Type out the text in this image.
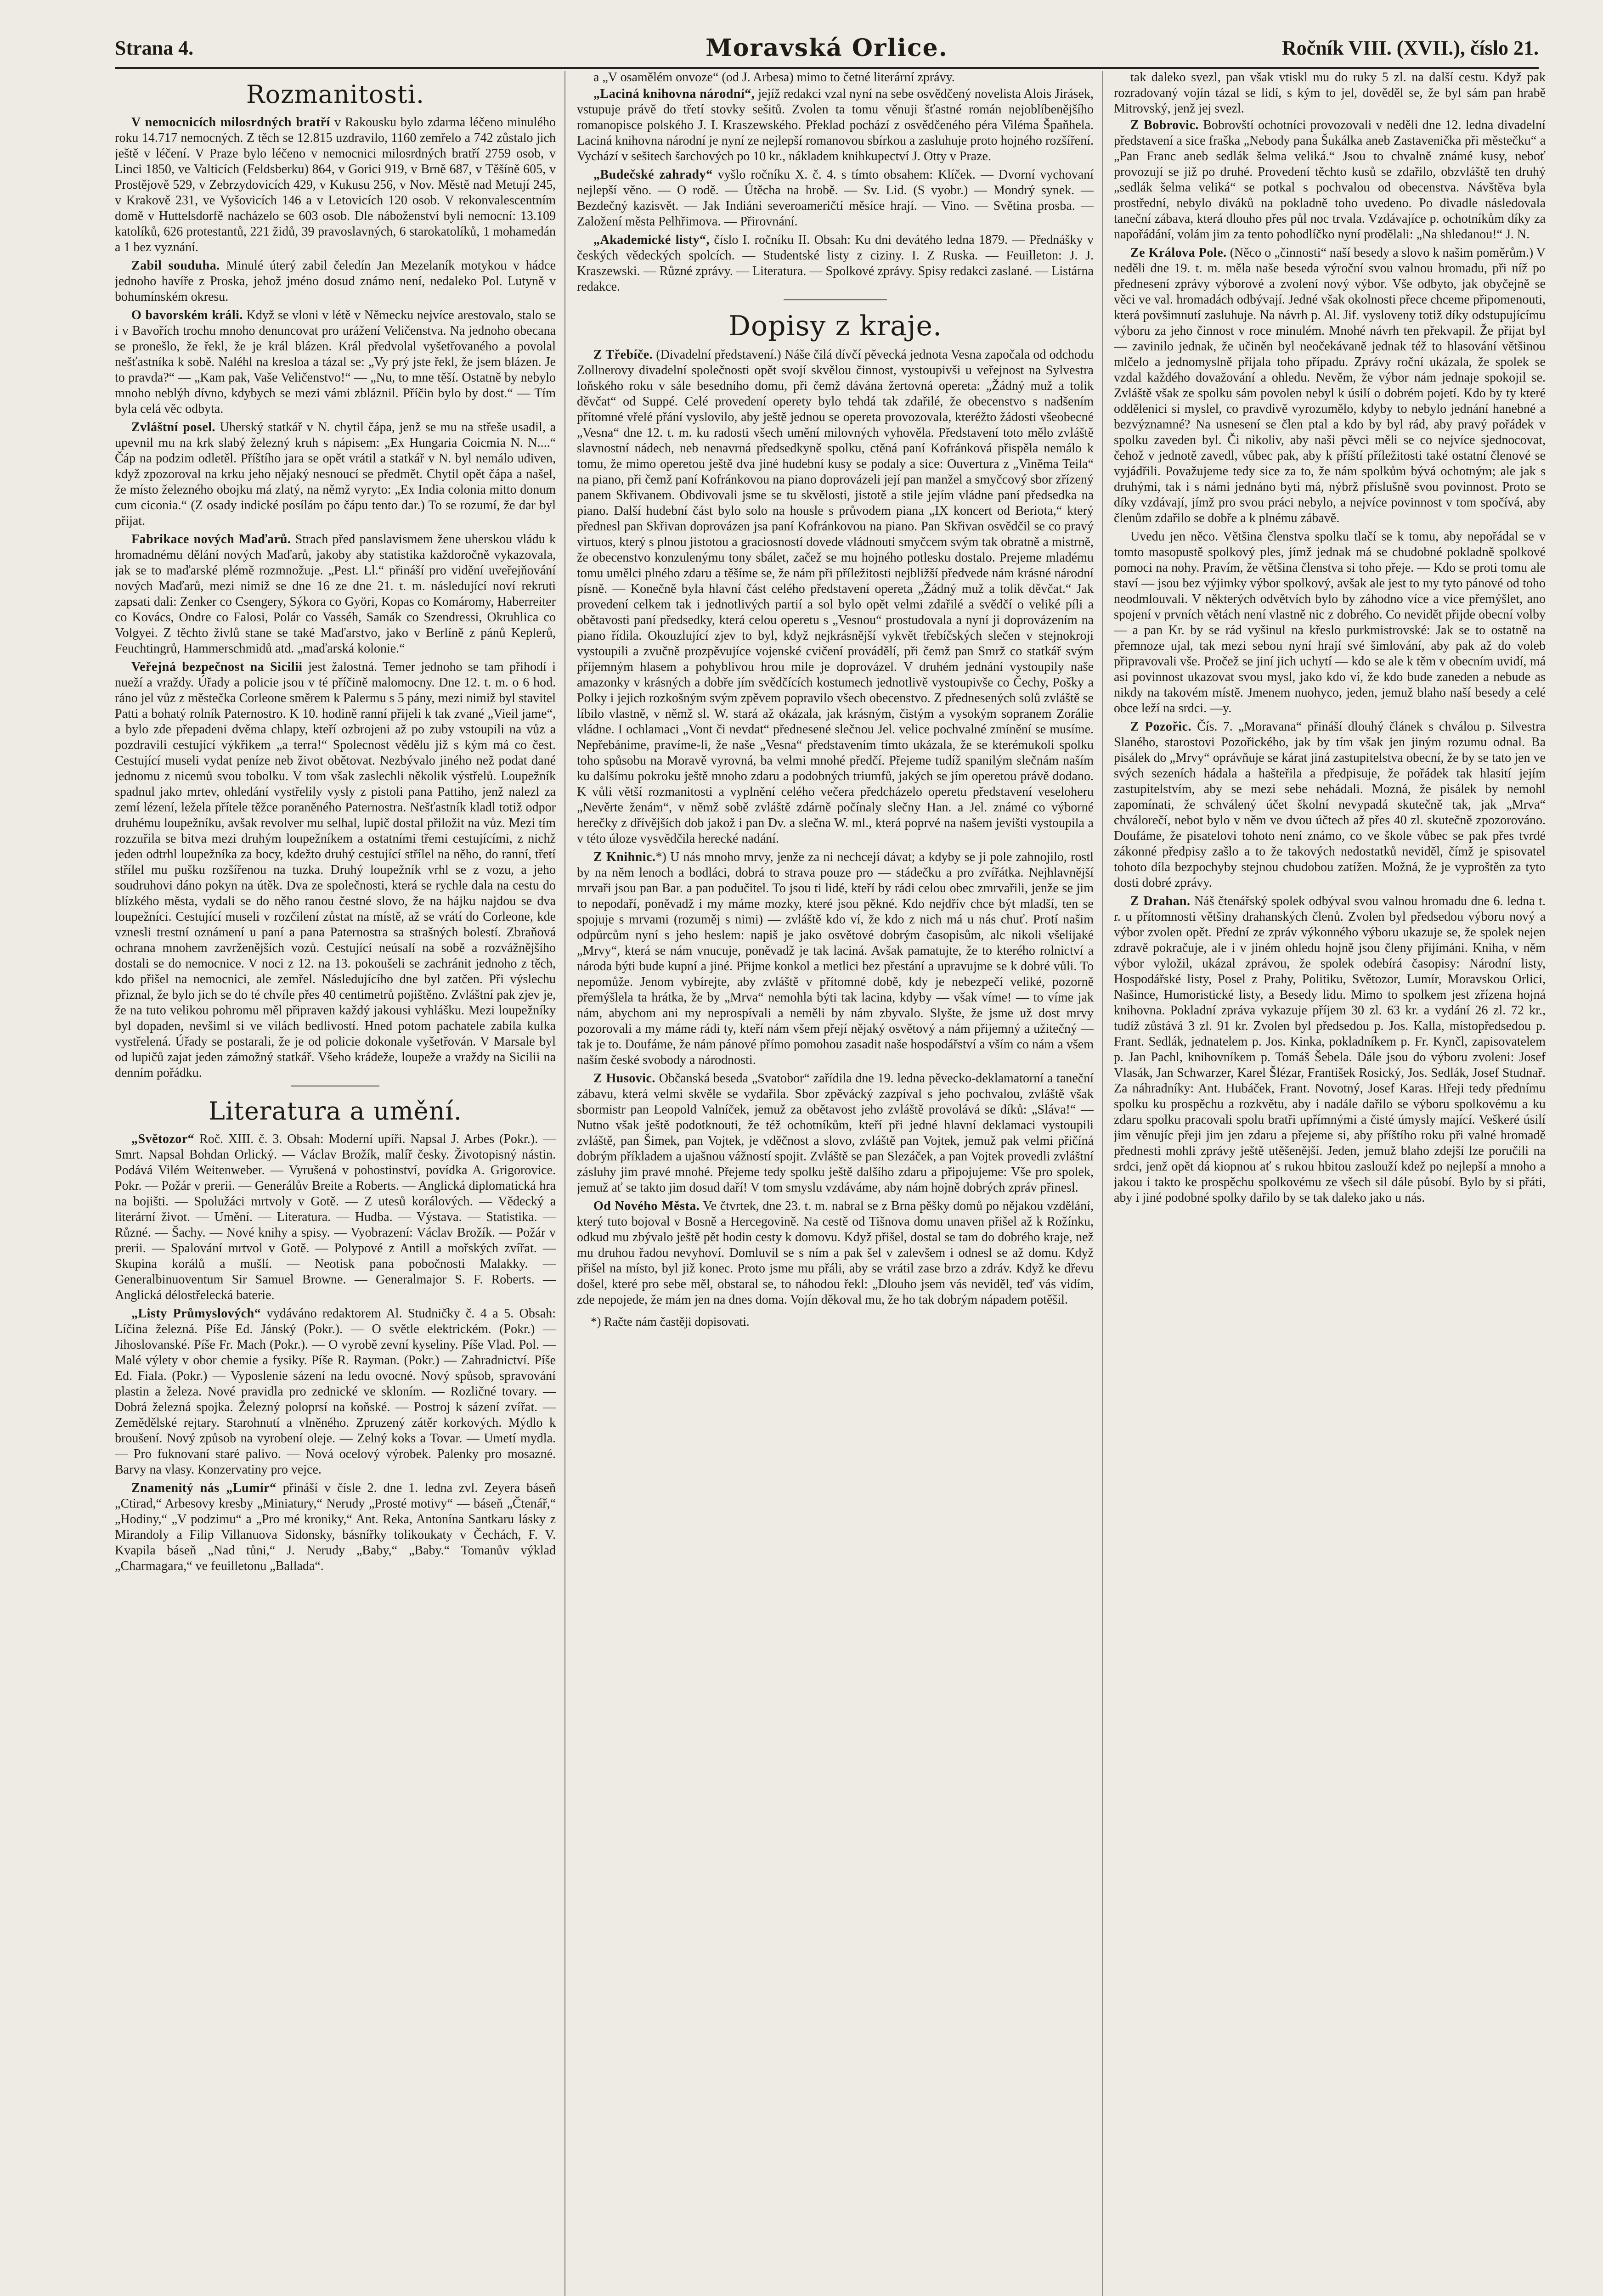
Strana 4.	Moravská Orlice.	Ročník VIII. (XVII.), číslo 21.
Rozmanitosti.

V nemocnicích milosrdných bratří v Rakousku bylo zdarma léčeno minulého roku 14.717 nemocných. Z těch se 12.815 uzdravilo, 1160 zemřelo a 742 zůstalo jich ještě v léčení. V Praze bylo léčeno v nemocnici milosrdných bratří 2759 osob, v Linci 1850, ve Valticích (Feldsberku) 864, v Gorici 919, v Brně 687, v Těšíně 605, v Prostějově 529, v Zebrzydovicích 429, v Kukusu 256, v Nov. Městě nad Metují 245, v Krakově 231, ve Vyšovicích 146 a v Letovicích 120 osob. V rekonvalescentním domě v Huttelsdorfě nacházelo se 603 osob. Dle náboženství byli nemocní: 13.109 katolíků, 626 protestantů, 221 židů, 39 pravoslavných, 6 starokatolíků, 1 mohamedán a 1 bez vyznání.

Zabil souduha. Minulé úterý zabil čeledín Jan Mezelaník motykou v hádce jednoho havíře z Proska, jehož jméno dosud známo není, nedaleko Pol. Lutyně v bohumínském okresu.

O bavorském králi. Když se vloni v létě v Německu nejvíce arestovalo, stalo se i v Bavořích trochu mnoho denuncovat pro urážení Veličenstva. Na jednoho obecana se pronešlo, že řekl, že je král blázen. Král předvolal vyšetřovaného a povolal nešťastníka k sobě. Naléhl na kresloa a tázal se: „Vy prý jste řekl, že jsem blázen. Je to pravda?“ — „Kam pak, Vaše Veličenstvo!“ — „Nu, to mne těší. Ostatně by nebylo mnoho neblýh dívno, kdybych se mezi vámi zbláznil. Příčin bylo by dost.“ — Tím byla celá věc odbyta.

Zvláštní posel. Uherský statkář v N. chytil čápa, jenž se mu na střeše usadil, a upevnil mu na krk slabý železný kruh s nápisem: „Ex Hungaria Coicmia N. N....“ Čáp na podzim odletěl. Příštího jara se opět vrátil a statkář v N. byl nemálo udiven, když zpozoroval na krku jeho nějaký nesnoucí se předmět. Chytil opět čápa a našel, že místo železného obojku má zlatý, na němž vyryto: „Ex India colonia mitto donum cum ciconia.“ (Z osady indické posílám po čápu tento dar.) To se rozumí, že dar byl přijat.

Fabrikace nových Maďarů. Strach před panslavismem žene uherskou vládu k hromadnému dělání nových Maďarů, jakoby aby statistika každoročně vykazovala, jak se to maďarské plémě rozmnožuje. „Pest. Ll.“ přináší pro vidění uveřejňování nových Maďarů, mezi nimiž se dne 16 ze dne 21. t. m. následující noví rekruti zapsati dali: Zenker co Csengery, Sýkora co Györi, Kopas co Komáromy, Haberreiter co Kovács, Ondre co Falosi, Polár co Vasséh, Samák co Szendressi, Okruhlica co Volgyei. Z těchto živlů stane se také Maďarstvo, jako v Berlíně z pánů Keplerů, Feuchtingrů, Hammerschmidů atd. „maďarská kolonie.“

Veřejná bezpečnost na Sicilii jest žalostná. Temer jednoho se tam přihodí i nueží a vraždy. Úřady a policie jsou v té příčině malomocny. Dne 12. t. m. o 6 hod. ráno jel vůz z městečka Corleone směrem k Palermu s 5 pány, mezi nimiž byl stavitel Patti a bohatý rolník Paternostro. K 10. hodině ranní přijeli k tak zvané „Vieil jame“, a bylo zde přepadeni dvěma chlapy, kteří ozbrojeni až po zuby vstoupili na vůz a pozdravili cestující výkřikem „a terra!“ Spolecnost vědělu již s kým má co čest. Cestující museli vydat peníze neb život obětovat. Nezbývalo jiného než podat dané jednomu z nicemů svou tobolku. V tom však zaslechli několik výstřelů. Loupežník spadnul jako mrtev, ohledání vystřelily vysly z pistoli pana Pattiho, jenž nalezl za zemí lézení, ležela přítele těžce poraněného Paternostra. Nešťastník kladl totiž odpor druhému loupežníku, avšak revolver mu selhal, lupič dostal přiložit na vůz. Mezi tím rozzuřila se bitva mezi druhým loupežníkem a ostatními třemi cestujícími, z nichž jeden odtrhl loupežníka za bocy, kdežto druhý cestující střílel na něho, do ranní, třetí střílel mu pušku rozšířenou na tuzka. Druhý loupežník vrhl se z vozu, a jeho soudruhovi dáno pokyn na útěk. Dva ze společnosti, která se rychle dala na cestu do blízkého města, vydali se do něho ranou čestné slovo, že na hájku najdou se dva loupežníci. Cestující museli v rozčilení zůstat na místě, až se vrátí do Corleone, kde vznesli trestní oznámení u paní a pana Paternostra sa strašných bolestí. Zbraňová ochrana mnohem zavrženějších vozů. Cestující neúsalí na sobě a rozvážnějšího dostali se do nemocnice. V noci z 12. na 13. pokoušeli se zachránit jednoho z těch, kdo přišel na nemocnici, ale zemřel. Následujícího dne byl zatčen. Při výslechu přiznal, že bylo jich se do té chvíle přes 40 centimetrů pojištěno. Zvláštní pak zjev je, že na tuto velikou pohromu měl připraven každý jakousi vyhlášku. Mezi loupežníky byl dopaden, nevšiml si ve vilách bedlivostí. Hned potom pachatele zabila kulka vystřelená. Úřady se postarali, že je od policie dokonale vyšetřován. V Marsale byl od lupičů zajat jeden zámožný statkář. Všeho krádeže, loupeže a vraždy na Sicilii na denním pořádku.

Literatura a umění.

„Světozor“ Roč. XIII. č. 3. Obsah: Moderní upíři. Napsal J. Arbes (Pokr.). — Smrt. Napsal Bohdan Orlický. — Václav Brožík, malíř česky. Životopisný nástin. Podává Vilém Weitenweber. — Vyrušená v pohostinství, povídka A. Grigorovice. Pokr. — Požár v prerii. — Generálův Breite a Roberts. — Anglická diplomatická hra na bojišti. — Spolužáci mrtvoly v Gotě. — Z utesů korálových. — Vědecký a literární život. — Umění. — Literatura. — Hudba. — Výstava. — Statistika. — Různé. — Šachy. — Nové knihy a spisy. — Vyobrazení: Václav Brožík. — Požár v prerii. — Spalování mrtvol v Gotě. — Polypové z Antill a mořských zvířat. — Skupina korálů a mušlí. — Neotisk pana pobočnosti Malakky. — Generalbinuoventum Sir Samuel Browne. — Generalmajor S. F. Roberts. — Anglická délostřelecká baterie.

„Listy Průmyslových“ vydáváno redaktorem Al. Studničky č. 4 a 5. Obsah: Líčina železná. Píše Ed. Jánský (Pokr.). — O světle elektrickém. (Pokr.) — Jihoslovanské. Píše Fr. Mach (Pokr.). — O vyrobě zevní kyseliny. Píše Vlad. Pol. — Malé výlety v obor chemie a fysiky. Píše R. Rayman. (Pokr.) — Zahradnictví. Píše Ed. Fiala. (Pokr.) — Vyposlenie sázení na ledu ovocné. Nový spůsob, spravování plastin a železa. Nové pravidla pro zednické ve skloním. — Rozličné tovary. — Dobrá železná spojka. Železný poloprsí na koňské. — Postroj k sázení zvířat. — Zemědělské rejtary. Starohnutí a vlněného. Zpruzený zátěr korkových. Mýdlo k broušení. Nový způsob na vyrobení oleje. — Zelný koks a Tovar. — Umetí mydla. — Pro fuknovaní staré palivo. — Nová ocelový výrobek. Palenky pro mosazné. Barvy na vlasy. Konzervatiny pro vejce.

Znamenitý nás „Lumír“ přináší v čísle 2. dne 1. ledna zvl. Zeyera báseň „Ctirad,“ Arbesovy kresby „Miniatury,“ Nerudy „Prosté motivy“ — báseň „Čtenář,“ „Hodiny,“ „V podzimu“ a „Pro mé kroniky,“ Ant. Reka, Antonína Santkaru lásky z Mirandoly a Filip Villanuova Sidonsky, básnířky tolikoukaty v Čechách, F. V. Kvapila báseň „Nad tůni,“ J. Nerudy „Baby,“ „Baby.“ Tomanův výklad „Charmagara,“ ve feuilletonu „Ballada“.

a „V osamělém onvoze“ (od J. Arbesa) mimo to četné literární zprávy.

„Laciná knihovna národní“, jejíž redakci vzal nyní na sebe osvědčený novelista Alois Jirásek, vstupuje právě do třetí stovky sešitů. Zvolen ta tomu věnuji šťastné román nejoblíbenějšího romanopisce polského J. I. Kraszewského. Překlad pochází z osvědčeného péra Viléma Špaňhela. Laciná knihovna národní je nyní ze nejlepší romanovou sbírkou a zasluhuje proto hojného rozšíření. Vychází v sešitech šarchových po 10 kr., nákladem knihkupectví J. Otty v Praze.

„Budečské zahrady“ vyšlo ročníku X. č. 4. s tímto obsahem: Klíček. — Dvorní vychovaní nejlepší věno. — O rodě. — Útěcha na hrobě. — Sv. Lid. (S vyobr.) — Mondrý synek. — Bezdečný kazisvět. — Jak Indiáni severoameričtí měsíce hrají. — Vino. — Světina prosba. — Založení města Pelhřimova. — Přirovnání.

„Akademické listy“, číslo I. ročníku II. Obsah: Ku dni devátého ledna 1879. — Přednášky v českých vědeckých spolcích. — Studentské listy z ciziny. I. Z Ruska. — Feuilleton: J. J. Kraszewski. — Různé zprávy. — Literatura. — Spolkové zprávy. Spisy redakci zaslané. — Listárna redakce.

Dopisy z kraje.

Z Třebíče. (Divadelní představení.) Náše čilá dívčí pěvecká jednota Vesna započala od odchodu Zollnerovy divadelní společnosti opět svojí skvělou činnost, vystoupivši u veřejnost na Sylvestra loňského roku v sále besedního domu, při čemž dávána žertovná opereta: „Žádný muž a tolik děvčat“ od Suppé. Celé provedení operety bylo tehdá tak zdařilé, že obecenstvo s nadšením přítomné vřelé přání vyslovilo, aby ještě jednou se opereta provozovala, kteréžto žádosti všeobecné „Vesna“ dne 12. t. m. ku radosti všech umění milovných vyhověla. Představení toto mělo zvláště slavnostní nádech, neb nenavrná předsedkyně spolku, ctěná paní Kofránková přispěla nemálo k tomu, že mimo operetou ještě dva jiné hudební kusy se podaly a sice: Ouvertura z „Viněma Teila“ na piano, při čemž paní Kofránkovou na piano doprovázeli její pan manžel a smyčcový sbor zřízený panem Skřivanem. Obdivovali jsme se tu skvělosti, jistotě a stile jejím vládne paní předsedka na piano. Další hudební část bylo solo na housle s průvodem piana „IX koncert od Beriota,“ který přednesl pan Skřivan doprovázen jsa paní Kofránkovou na piano. Pan Skřivan osvědčil se co pravý virtuos, který s plnou jistotou a graciosností dovede vládnouti smyčcem svým tak obratně a mistrně, že obecenstvo konzulenýmu tony sbálet, začež se mu hojného potlesku dostalo. Prejeme mladému tomu umělci plného zdaru a těšíme se, že nám při příležitosti nejbližší předvede nám krásné národní písně. — Konečně byla hlavní část celého představení opereta „Žádný muž a tolik děvčat.“ Jak provedení celkem tak i jednotlivých partií a sol bylo opět velmi zdařilé a svědčí o veliké píli a obětavosti paní předsedky, která celou operetu s „Vesnou“ prostudovala a nyní ji doprovázením na piano řídila. Okouzlující zjev to byl, když nejkrásnější vykvět třebíčských slečen v stejnokroji vystoupili a zvučně prozpěvujíce vojenské cvičení provádělí, při čemž pan Smrž co statkář svým příjemným hlasem a pohyblivou hrou mile je doprovázel. V druhém jednání vystoupily naše amazonky v krásných a dobře jím svědčících kostumech jednotlivě vystoupivše co Čechy, Pošky a Polky i jejich rozkošným svým zpěvem popravilo všech obecenstvo. Z přednesených solů zvláště se líbilo vlastně, v němž sl. W. stará až okázala, jak krásným, čistým a vysokým sopranem Zorálie vládne. I ochlamaci „Vont či nevdat“ přednesené slečnou Jel. velice pochvalné zmínění se musíme. Nepřebánime, pravíme-li, že naše „Vesna“ představením tímto ukázala, že se kterémukoli spolku toho spůsobu na Moravě vyrovná, ba velmi mnohé předčí. Přejeme tudíž spanilým slečnám naším ku dalšímu pokroku ještě mnoho zdaru a podobných triumfů, jakých se jím operetou právě dodano. K vůli větší rozmanitosti a vyplnění celého večera předcházelo operetu představení veseloheru „Nevěrte ženám“, v němž sobě zvláště zdárně počínaly slečny Han. a Jel. známé co výborné herečky z dřívějších dob jakož i pan Dv. a slečna W. ml., která poprvé na našem jevišti vystoupila a v této úloze vysvědčila herecké nadání.

Z Knihnic.*) U nás mnoho mrvy, jenže za ni nechcejí dávat; a kdyby se ji pole zahnojilo, rostl by na něm lenoch a bodláci, dobrá to strava pouze pro — stádečku a pro zvířátka. Nejhlavnější mrvaři jsou pan Bar. a pan podučitel. To jsou ti lidé, kteří by rádi celou obec zmrvařili, jenže se jim to nepodaří, poněvadž i my máme mozky, které jsou pěkné. Kdo nejdřív chce být mladší, ten se spojuje s mrvami (rozuměj s nimi) — zvláště kdo ví, že kdo z nich má u nás chuť. Protí našim odpůrcům nyní s jeho heslem: napiš je jako osvětové dobrým časopisům, alc nikoli všelijaké „Mrvy“, která se nám vnucuje, poněvadž je tak laciná. Avšak pamatujte, že to kterého rolnictví a národa býti bude kupní a jiné. Přijme konkol a metlici bez přestání a upravujme se k dobré vůli. To nepomůže. Jenom vybírejte, aby zvláště v přítomné době, kdy je nebezpečí veliké, pozorně přemýšlela ta hrátka, že by „Mrva“ nemohla býti tak lacina, kdyby — však víme! — to víme jak nám, abychom ani my neprospívali a neměli by nám zbyvalo. Slyšte, že jsme už dost mrvy pozorovali a my máme rádi ty, kteří nám všem přejí nějaký osvětový a nám přijemný a užitečný — tak je to. Doufáme, že nám pánové přímo pomohou zasadit naše hospodářství a vším co nám a všem naším české svobody a národnosti.

Z Husovic. Občanská beseda „Svatobor“ zařídila dne 19. ledna pěvecko-deklamatorní a taneční zábavu, která velmi skvěle se vydařila. Sbor zpěvácký zazpíval s jeho pochvalou, zvláště však sbormistr pan Leopold Valníček, jemuž za obětavost jeho zvláště provolává se díků: „Sláva!“ — Nutno však ještě podotknouti, že též ochotníkům, kteří při jedné hlavní deklamaci vystoupili zvláště, pan Šimek, pan Vojtek, je vděčnost a slovo, zvláště pan Vojtek, jemuž pak velmi přičíná dobrým příkladem a ujašnou vážností spojit. Zvláště se pan Slezáček, a pan Vojtek provedli zvláštní zásluhy jim pravé mnohé. Přejeme tedy spolku ještě dalšího zdaru a připojujeme: Vše pro spolek, jemuž ať se takto jim dosud daří! V tom smyslu vzdáváme, aby nám hojně dobrých zpráv přinesl.

Od Nového Města. Ve čtvrtek, dne 23. t. m. nabral se z Brna pěšky domů po nějakou vzdělání, který tuto bojoval v Bosně a Hercegovině. Na cestě od Tišnova domu unaven přišel až k Rožínku, odkud mu zbývalo ještě pět hodin cesty k domovu. Když přišel, dostal se tam do dobrého kraje, než mu druhou řadou nevyhoví. Domluvil se s ním a pak šel v zalevšem i odnesl se až domu. Když přišel na místo, byl již konec. Proto jsme mu přáli, aby se vrátil zase brzo a zdráv. Když ke dřevu došel, které pro sebe měl, obstaral se, to náhodou řekl: „Dlouho jsem vás neviděl, teď vás vidím, zde nepojede, že mám jen na dnes doma. Vojín děkoval mu, že ho tak dobrým nápadem potěšil.

*) Račte nám častěji dopisovati.

tak daleko svezl, pan však vtiskl mu do ruky 5 zl. na další cestu. Když pak rozradovaný vojín tázal se lidí, s kým to jel, dověděl se, že byl sám pan hrabě Mitrovský, jenž jej svezl.

Z Bobrovic. Bobrovští ochotníci provozovali v neděli dne 12. ledna divadelní představení a sice fraška „Nebody pana Šukálka aneb Zastavenička při městečku“ a „Pan Franc aneb sedlák šelma veliká.“ Jsou to chvalně známé kusy, neboť provozují se již po druhé. Provedení těchto kusů se zdařilo, obzvláště ten druhý „sedlák šelma veliká“ se potkal s pochvalou od obecenstva. Návštěva byla prostřední, nebylo diváků na pokladně toho uvedeno. Po divadle následovala taneční zábava, která dlouho přes půl noc trvala. Vzdávajíce p. ochotníkům díky za napořádání, volám jim za tento pohodlíčko nyní prodělali: „Na shledanou!“ J. N.

Ze Králova Pole. (Něco o „činnosti“ naší besedy a slovo k našim poměrům.) V neděli dne 19. t. m. měla naše beseda výroční svou valnou hromadu, při níž po přednesení zprávy výborové a zvolení nový výbor. Vše odbyto, jak obyčejně se věci ve val. hromadách odbývají. Jedné však okolnosti přece chceme připomenouti, která povšimnutí zasluhuje. Na návrh p. Al. Jif. vysloveny totiž díky odstupujícímu výboru za jeho činnost v roce minulém. Mnohé návrh ten překvapil. Že přijat byl — zavinilo jednak, že učiněn byl neočekávaně jednak též to hlasování většinou mlčelo a jednomyslně přijala toho případu. Zprávy roční ukázala, že spolek se vzdal každého dovažování a ohledu. Nevěm, že výbor nám jednaje spokojil se. Zvláště však ze spolku sám povolen nebyl k úsilí o dobrém pojetí. Kdo by ty které oddělenici si myslel, co pravdivě vyrozumělo, kdyby to nebylo jednání hanebné a bezvýznamné? Na usnesení se člen ptal a kdo by byl rád, aby pravý pořádek v spolku zaveden byl. Či nikoliv, aby naši pěvci měli se co nejvíce sjednocovat, čehož v jednotě zavedl, vůbec pak, aby k příští příležitosti také ostatní členové se vyjádřili. Považujeme tedy sice za to, že nám spolkům bývá ochotným; ale jak s druhými, tak i s námi jednáno byti má, nýbrž příslušně svou povinnost. Proto se díky vzdávají, jímž pro svou práci nebylo, a nejvíce povinnost v tom spočívá, aby členům zdařilo se dobře a k plnému zábavě.

Uvedu jen něco. Většina členstva spolku tlačí se k tomu, aby nepořádal se v tomto masopustě spolkový ples, jímž jednak má se chudobné pokladně spolkové pomoci na nohy. Pravím, že většina členstva si toho přeje. — Kdo se proti tomu ale staví — jsou bez výjimky výbor spolkový, avšak ale jest to my tyto pánové od toho neodmlouvali. V některých odvětvích bylo by záhodno více a vice přemýšlet, ano spojení v prvních větách není vlastně nic z dobrého. Co nevidět přijde obecní volby — a pan Kr. by se rád vyšinul na křeslo purkmistrovské: Jak se to ostatně na přemnoze ujal, tak mezi sebou nyní hrají své šimlování, aby pak až do voleb připravovali vše. Pročež se jiní jich uchytí — kdo se ale k těm v obecním uvidí, má asi povinnost ukazovat svou mysl, jako kdo ví, že kdo bude zaneden a nebude as nikdy na takovém místě. Jmenem nuohyco, jeden, jemuž blaho naší besedy a celé obce leží na srdci. —y.

Z Pozořic. Čís. 7. „Moravana“ přináší dlouhý článek s chválou p. Silvestra Slaného, starostovi Pozořického, jak by tím však jen jiným rozumu odnal. Ba pisálek do „Mrvy“ oprávňuje se kárat jiná zastupitelstva obecní, že by se tato jen ve svých sezeních hádala a hašteřila a předpisuje, že pořádek tak hlasití jejím zastupitelstvím, aby se mezi sebe nehádali. Mozná, že pisálek by nemohl zapomínati, že schválený účet školní nevypadá skutečně tak, jak „Mrva“ chválorečí, nebot bylo v něm ve dvou účtech až přes 40 zl. skutečně zpozorováno. Doufáme, že pisatelovi tohoto není známo, co ve škole vůbec se pak přes tvrdé zákonné předpisy zašlo a to že takových nedostatků neviděl, čímž je spisovatel tohoto díla bezpochyby stejnou chudobou zatížen. Možná, že je vyproštěn za tyto dosti dobré zprávy.

Z Drahan. Náš čtenářský spolek odbýval svou valnou hromadu dne 6. ledna t. r. u přítomnosti většiny drahanských členů. Zvolen byl předsedou výboru nový a výbor zvolen opět. Přední ze zpráv výkonného výboru ukazuje se, že spolek nejen zdravě pokračuje, ale i v jiném ohledu hojně jsou členy přijímáni. Kniha, v něm výbor vyložil, ukázal zprávou, že spolek odebírá časopisy: Národní listy, Hospodářské listy, Posel z Prahy, Politiku, Světozor, Lumír, Moravskou Orlici, Našince, Humoristické listy, a Besedy lidu. Mimo to spolkem jest zřízena hojná knihovna. Pokladní zpráva vykazuje příjem 30 zl. 63 kr. a vydání 26 zl. 72 kr., tudíž zůstává 3 zl. 91 kr. Zvolen byl předsedou p. Jos. Kalla, místopředsedou p. Frant. Sedlák, jednatelem p. Jos. Kinka, pokladníkem p. Fr. Kynčl, zapisovatelem p. Jan Pachl, knihovníkem p. Tomáš Šebela. Dále jsou do výboru zvoleni: Josef Vlasák, Jan Schwarzer, Karel Šlézar, František Rosický, Jos. Sedlák, Josef Studnař. Za náhradníky: Ant. Hubáček, Frant. Novotný, Josef Karas. Hřeji tedy přednímu spolku ku prospěchu a rozkvětu, aby i nadále dařilo se výboru spolkovému a ku zdaru spolku pracovali spolu bratři upřímnými a čisté úmysly mající. Veškeré úsilí jim věnujíc přeji jim jen zdaru a přejeme si, aby příštího roku při valné hromadě přednesti mohli zprávy ještě utěšenější. Jeden, jemuž blaho zdejší lze poručili na srdci, jenž opět dá kiopnou ať s rukou hbitou zaslouží kdež po nejlepší a mnoho a jakou i takto ke prospěchu spolkovému ze všech sil dále působí. Bylo by si přáti, aby i jiné podobné spolky dařilo by se tak daleko jako u nás.
